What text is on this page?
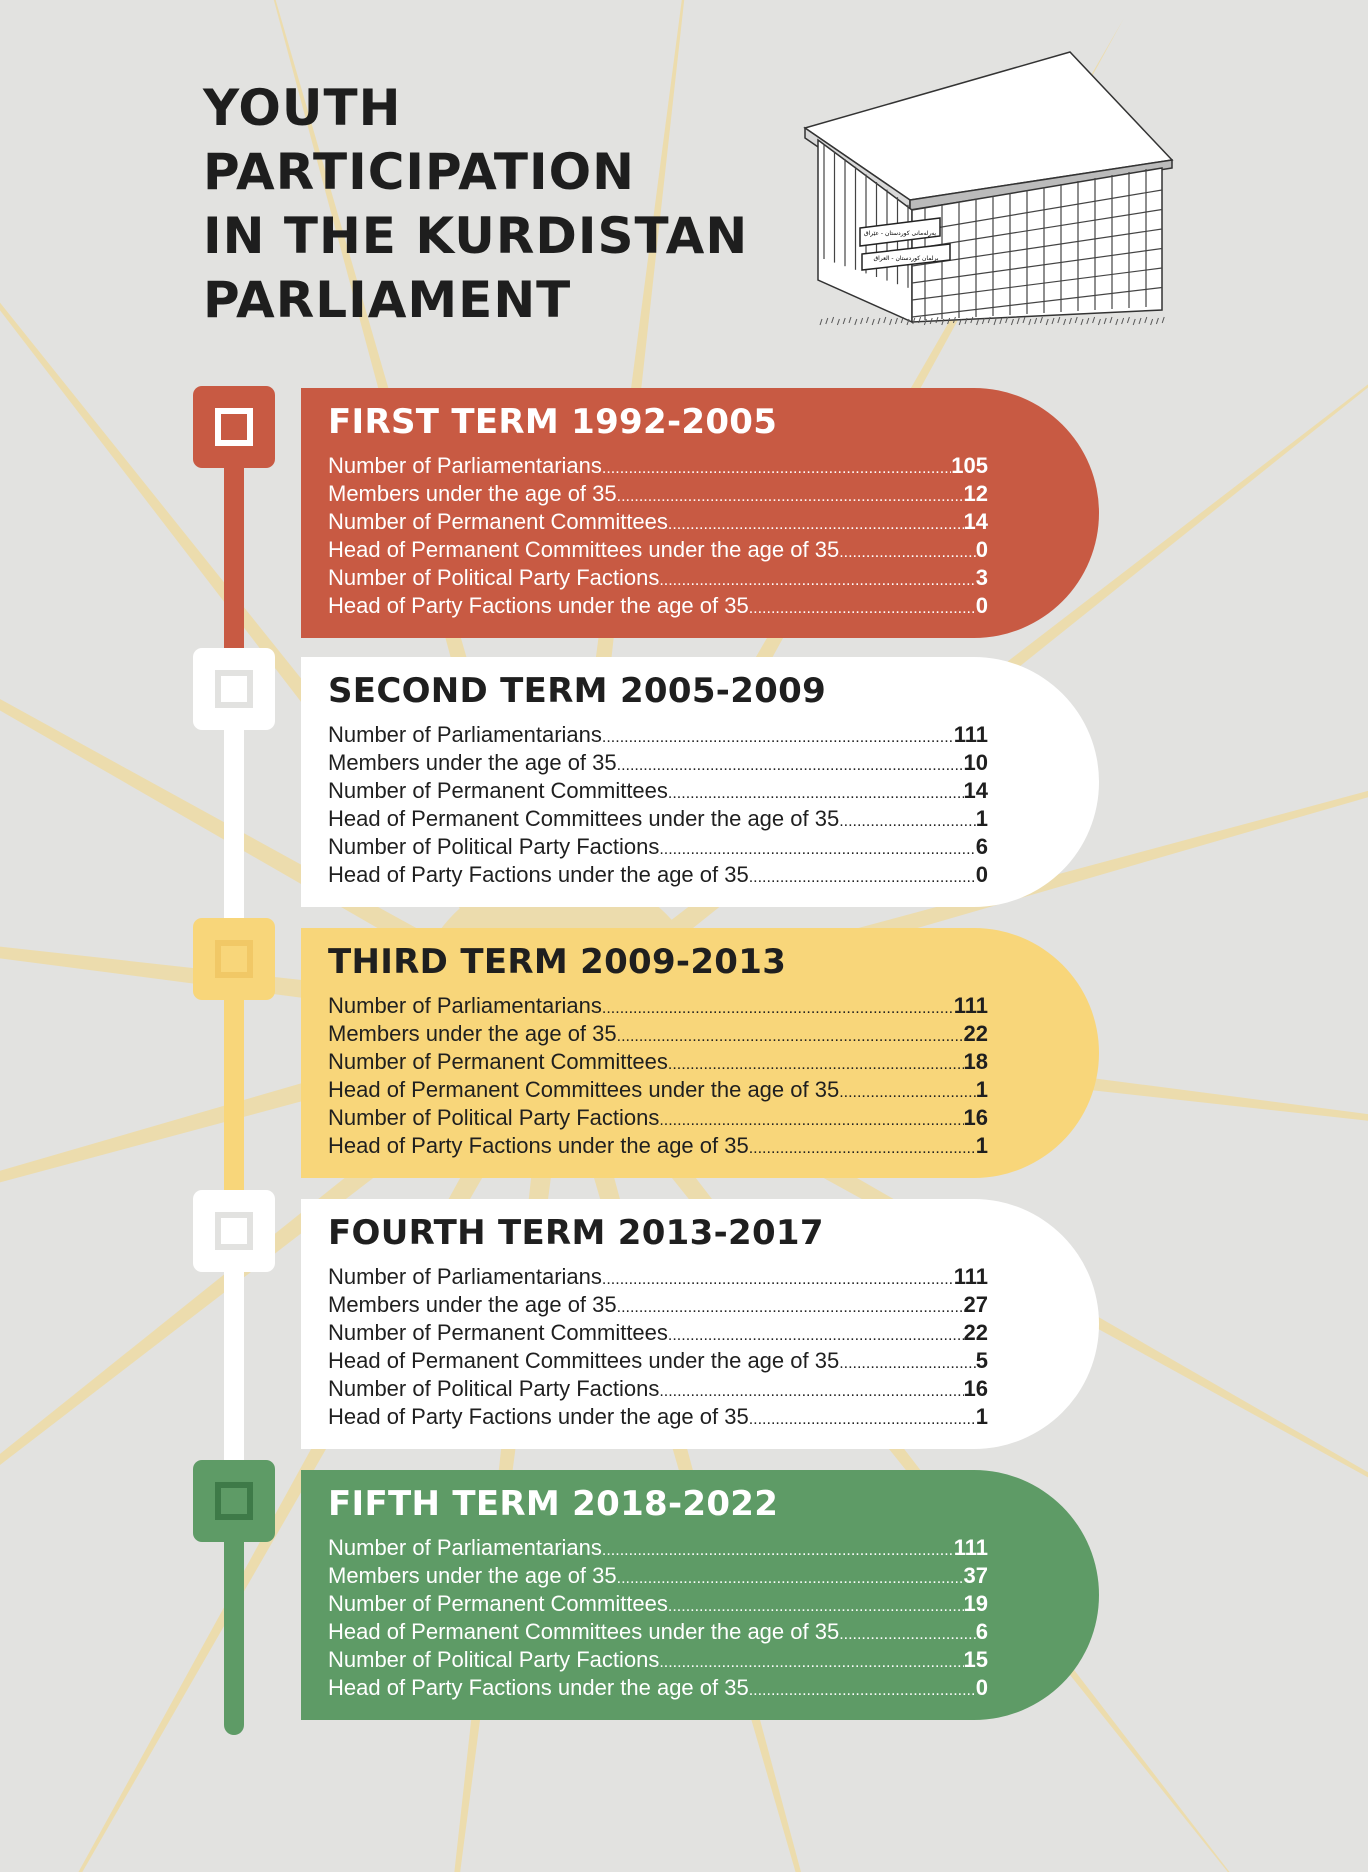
YOUTH
PARTICIPATION
IN THE KURDISTAN
PARLIAMENT
پەرلەمانی کوردستان - عێراق
برلمان كوردستان - العراق
FIRST TERM 1992-2005
Number of Parliamentarians .....	105
Members under the age of 35 .....	12
Number of Permanent Committees .....	14
Head of Permanent Committees under the age of 35 .....	0
Number of Political Party Factions .....	3
Head of Party Factions under the age of 35 .....	0
SECOND TERM 2005-2009
Number of Parliamentarians .....	111
Members under the age of 35 .....	10
Number of Permanent Committees .....	14
Head of Permanent Committees under the age of 35 .....	1
Number of Political Party Factions .....	6
Head of Party Factions under the age of 35 .....	0
THIRD TERM 2009-2013
Number of Parliamentarians .....	111
Members under the age of 35 .....	22
Number of Permanent Committees .....	18
Head of Permanent Committees under the age of 35 .....	1
Number of Political Party Factions .....	16
Head of Party Factions under the age of 35 .....	1
FOURTH TERM 2013-2017
Number of Parliamentarians .....	111
Members under the age of 35 .....	27
Number of Permanent Committees .....	22
Head of Permanent Committees under the age of 35 .....	5
Number of Political Party Factions .....	16
Head of Party Factions under the age of 35 .....	1
FIFTH TERM 2018-2022
Number of Parliamentarians .....	111
Members under the age of 35 .....	37
Number of Permanent Committees .....	19
Head of Permanent Committees under the age of 35 .....	6
Number of Political Party Factions .....	15
Head of Party Factions under the age of 35 .....	0
